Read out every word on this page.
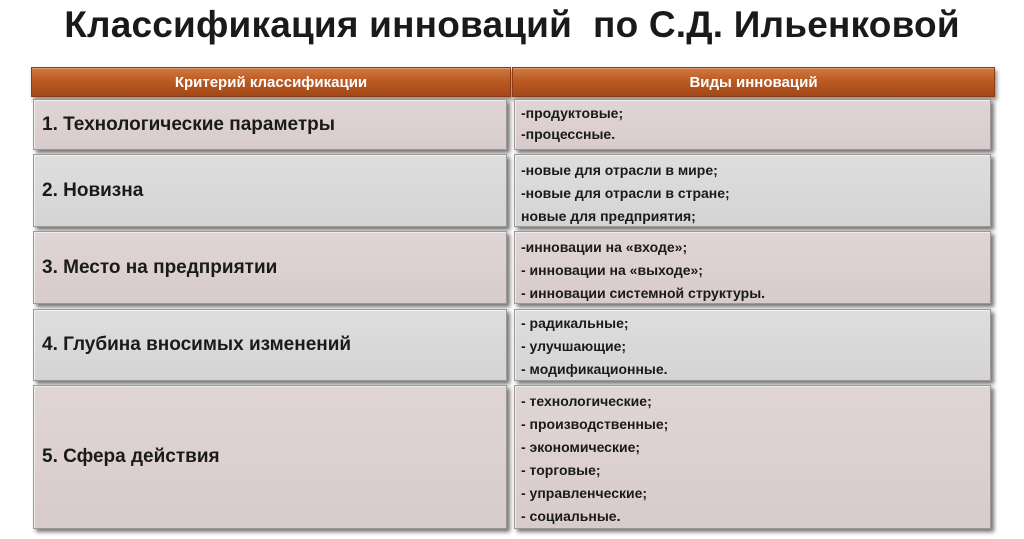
Классификация инноваций  по С.Д. Ильенковой
Критерий классификации	Виды инноваций
1. Технологические параметры
-продуктовые;
-процессные.
2. Новизна
-новые для отрасли в мире;
-новые для отрасли в стране;
новые для предприятия;
3. Место на предприятии
-инновации на «входе»;
- инновации на «выходе»;
- инновации системной структуры.
4. Глубина вносимых изменений
- радикальные;
- улучшающие;
- модификационные.
5. Сфера действия
- технологические;
- производственные;
- экономические;
- торговые;
- управленческие;
- социальные.
